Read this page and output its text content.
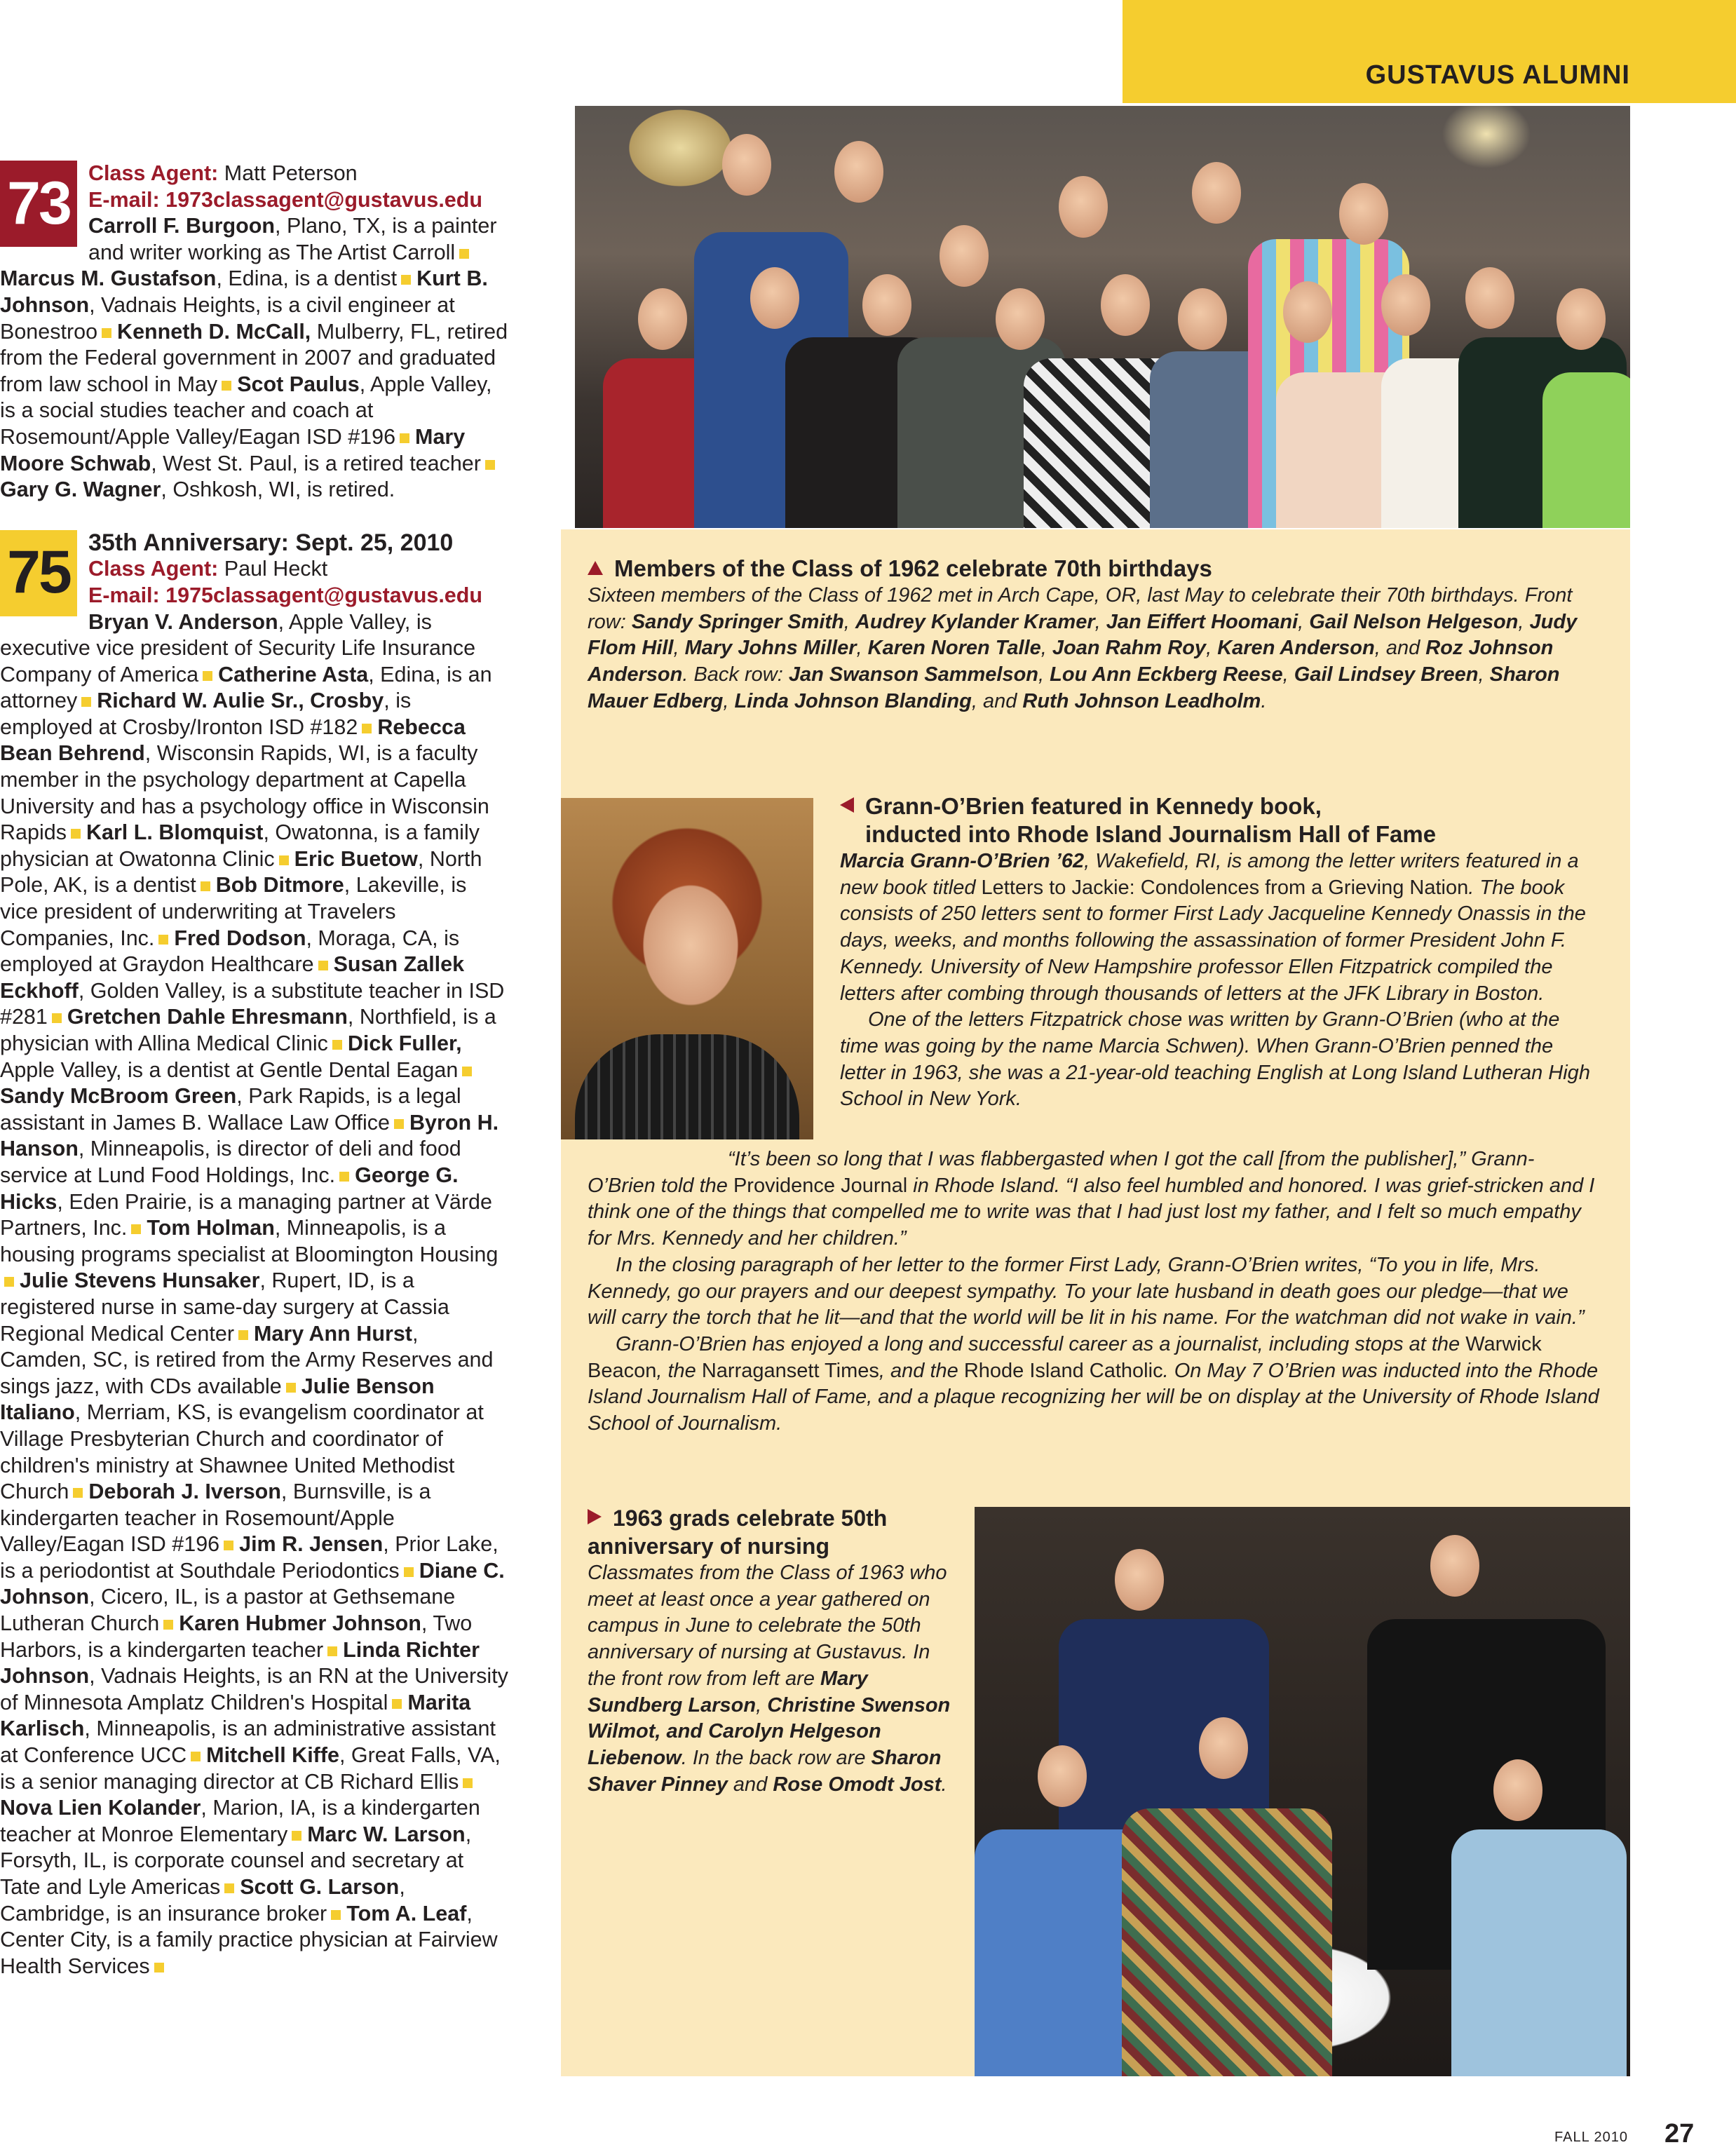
GUSTAVUS ALUMNI
73 Class Agent: Matt Peterson
E-mail: 1973classagent@gustavus.edu
Carroll F. Burgoon, Plano, TX, is a painter and writer working as The Artist CarrollMarcus M. Gustafson, Edina, is a dentist Kurt B. Johnson, Vadnais Heights, is a civil engineer at Bonestroo Kenneth D. McCall, Mulberry, FL, retired from the Federal government in 2007 and graduated from law school in May Scot Paulus, Apple Valley, is a social studies teacher and coach at Rosemount/Apple Valley/Eagan ISD #196 Mary Moore Schwab, West St. Paul, is a retired teacherGary G. Wagner, Oshkosh, WI, is retired.
75 35th Anniversary: Sept. 25, 2010
Class Agent: Paul Heckt
E-mail: 1975classagent@gustavus.edu
Bryan V. Anderson, Apple Valley, is executive vice president of Security Life Insurance Company of America Catherine Asta, Edina, is an attorney Richard W. Aulie Sr., Crosby, is employed at Crosby/Ironton ISD #182 Rebecca Bean Behrend, Wisconsin Rapids, WI, is a faculty member in the psychology department at Capella University and has a psychology office in Wisconsin Rapids Karl L. Blomquist, Owatonna, is a family physician at Owatonna Clinic Eric Buetow, North Pole, AK, is a dentist Bob Ditmore, Lakeville, is vice president of underwriting at Travelers Companies, Inc. Fred Dodson, Moraga, CA, is employed at Graydon Healthcare Susan Zallek Eckhoff, Golden Valley, is a substitute teacher in ISD #281 Gretchen Dahle Ehresmann, Northfield, is a physician with Allina Medical Clinic Dick Fuller, Apple Valley, is a dentist at Gentle Dental EaganSandy McBroom Green, Park Rapids, is a legal assistant in James B. Wallace Law Office Byron H. Hanson, Minneapolis, is director of deli and food service at Lund Food Holdings, Inc. George G. Hicks, Eden Prairie, is a managing partner at Värde Partners, Inc. Tom Holman, Minneapolis, is a housing programs specialist at Bloomington HousingJulie Stevens Hunsaker, Rupert, ID, is a registered nurse in same-day surgery at Cassia Regional Medical Center Mary Ann Hurst, Camden, SC, is retired from the Army Reserves and sings jazz, with CDs available Julie Benson Italiano, Merriam, KS, is evangelism coordinator at Village Presbyterian Church and coordinator of children's ministry at Shawnee United Methodist Church Deborah J. Iverson, Burnsville, is a kindergarten teacher in Rosemount/Apple Valley/Eagan ISD #196 Jim R. Jensen, Prior Lake, is a periodontist at Southdale Periodontics Diane C. Johnson, Cicero, IL, is a pastor at Gethsemane Lutheran Church Karen Hubmer Johnson, Two Harbors, is a kindergarten teacher Linda Richter Johnson, Vadnais Heights, is an RN at the University of Minnesota Amplatz Children's Hospital Marita Karlisch, Minneapolis, is an administrative assistant at Conference UCC Mitchell Kiffe, Great Falls, VA, is a senior managing director at CB Richard EllisNova Lien Kolander, Marion, IA, is a kindergarten teacher at Monroe Elementary Marc W. Larson, Forsyth, IL, is corporate counsel and secretary at Tate and Lyle Americas Scott G. Larson, Cambridge, is an insurance broker Tom A. Leaf, Center City, is a family practice physician at Fairview Health Services
Members of the Class of 1962 celebrate 70th birthdays
Sixteen members of the Class of 1962 met in Arch Cape, OR, last May to celebrate their 70th birthdays. Front row: Sandy Springer Smith, Audrey Kylander Kramer, Jan Eiffert Hoomani, Gail Nelson Helgeson, Judy Flom Hill, Mary Johns Miller, Karen Noren Talle, Joan Rahm Roy, Karen Anderson, and Roz Johnson Anderson. Back row: Jan Swanson Sammelson, Lou Ann Eckberg Reese, Gail Lindsey Breen, Sharon Mauer Edberg, Linda Johnson Blanding, and Ruth Johnson Leadholm.
Grann-O’Brien featured in Kennedy book,
inducted into Rhode Island Journalism Hall of Fame
Marcia Grann-O’Brien ’62, Wakefield, RI, is among the letter writers featured in a new book titled Letters to Jackie: Condolences from a Grieving Nation. The book consists of 250 letters sent to former First Lady Jacqueline Kennedy Onassis in the days, weeks, and months following the assassination of former President John F. Kennedy. University of New Hampshire professor Ellen Fitzpatrick compiled the letters after combing through thousands of letters at the JFK Library in Boston.
One of the letters Fitzpatrick chose was written by Grann-O’Brien (who at the time was going by the name Marcia Schwen). When Grann-O’Brien penned the letter in 1963, she was a 21-year-old teaching English at Long Island Lutheran High School in New York.
“It’s been so long that I was flabbergasted when I got the call [from the publisher],” Grann-O’Brien told the Providence Journal in Rhode Island. “I also feel humbled and honored. I was grief-stricken and I think one of the things that compelled me to write was that I had just lost my father, and I felt so much empathy for Mrs. Kennedy and her children.”
In the closing paragraph of her letter to the former First Lady, Grann-O’Brien writes, “To you in life, Mrs. Kennedy, go our prayers and our deepest sympathy. To your late husband in death goes our pledge—that we will carry the torch that he lit—and that the world will be lit in his name. For the watchman did not wake in vain.”
Grann-O’Brien has enjoyed a long and successful career as a journalist, including stops at the Warwick Beacon, the Narragansett Times, and the Rhode Island Catholic. On May 7 O’Brien was inducted into the Rhode Island Journalism Hall of Fame, and a plaque recognizing her will be on display at the University of Rhode Island School of Journalism.
1963 grads celebrate 50th anniversary of nursing
Classmates from the Class of 1963 who meet at least once a year gathered on campus in June to celebrate the 50th anniversary of nursing at Gustavus. In the front row from left are Mary Sundberg Larson, Christine Swenson Wilmot, and Carolyn Helgeson Liebenow. In the back row are Sharon Shaver Pinney and Rose Omodt Jost.
FALL 2010 27
